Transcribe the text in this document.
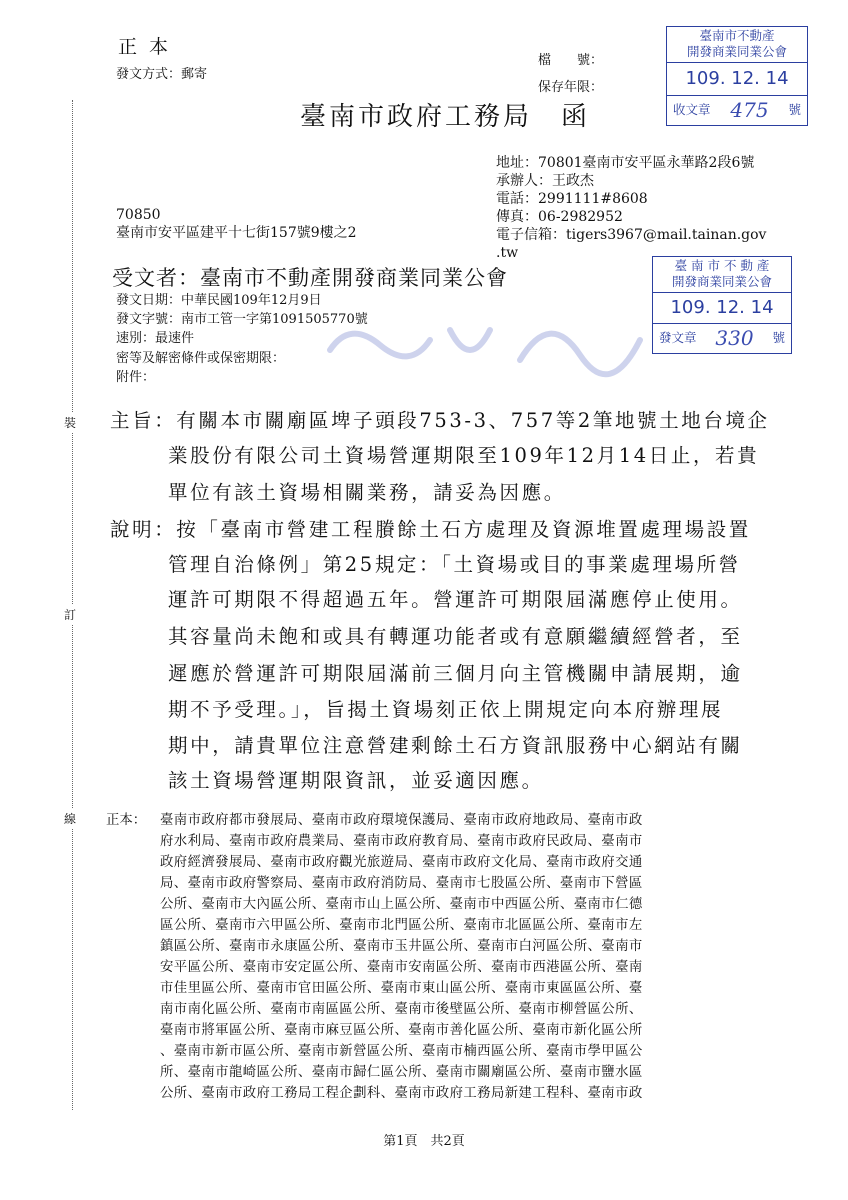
裝
訂
線
正 本
發文方式：郵寄
檔　　號：
保存年限：
臺南市政府工務局　函
臺南市不動產
開發商業同業公會
109. 12. 14
收文章 475 號
地址：70801臺南市安平區永華路2段6號
承辦人：王政杰
電話：2991111#8608
傳真：06-2982952
電子信箱：tigers3967@mail.tainan.gov
.tw
70850
臺南市安平區建平十七街157號9樓之2
受文者：臺南市不動產開發商業同業公會
臺 南 市 不 動 產
開發商業同業公會
109. 12. 14
發文章 330 號
發文日期：中華民國109年12月9日
發文字號：南市工管一字第1091505770號
速別：最速件
密等及解密條件或保密期限：
附件：
主旨：有關本市關廟區埤子頭段753-3、757等2筆地號土地台境企
業股份有限公司土資場營運期限至109年12月14日止，若貴
單位有該土資場相關業務，請妥為因應。
說明：按「臺南市營建工程賸餘土石方處理及資源堆置處理場設置
管理自治條例」第25規定：「土資場或目的事業處理場所營
運許可期限不得超過五年。營運許可期限屆滿應停止使用。
其容量尚未飽和或具有轉運功能者或有意願繼續經營者，至
遲應於營運許可期限屆滿前三個月向主管機關申請展期，逾
期不予受理。」，旨揭土資場刻正依上開規定向本府辦理展
期中，請貴單位注意營建剩餘土石方資訊服務中心網站有關
該土資場營運期限資訊，並妥適因應。
正本： 臺南市政府都市發展局、臺南市政府環境保護局、臺南市政府地政局、臺南市政
府水利局、臺南市政府農業局、臺南市政府教育局、臺南市政府民政局、臺南市
政府經濟發展局、臺南市政府觀光旅遊局、臺南市政府文化局、臺南市政府交通
局、臺南市政府警察局、臺南市政府消防局、臺南市七股區公所、臺南市下營區
公所、臺南市大內區公所、臺南市山上區公所、臺南市中西區公所、臺南市仁德
區公所、臺南市六甲區公所、臺南市北門區公所、臺南市北區區公所、臺南市左
鎮區公所、臺南市永康區公所、臺南市玉井區公所、臺南市白河區公所、臺南市
安平區公所、臺南市安定區公所、臺南市安南區公所、臺南市西港區公所、臺南
市佳里區公所、臺南市官田區公所、臺南市東山區公所、臺南市東區區公所、臺
南市南化區公所、臺南市南區區公所、臺南市後壁區公所、臺南市柳營區公所、
臺南市將軍區公所、臺南市麻豆區公所、臺南市善化區公所、臺南市新化區公所
、臺南市新市區公所、臺南市新營區公所、臺南市楠西區公所、臺南市學甲區公
所、臺南市龍崎區公所、臺南市歸仁區公所、臺南市關廟區公所、臺南市鹽水區
公所、臺南市政府工務局工程企劃科、臺南市政府工務局新建工程科、臺南市政
第1頁　共2頁
